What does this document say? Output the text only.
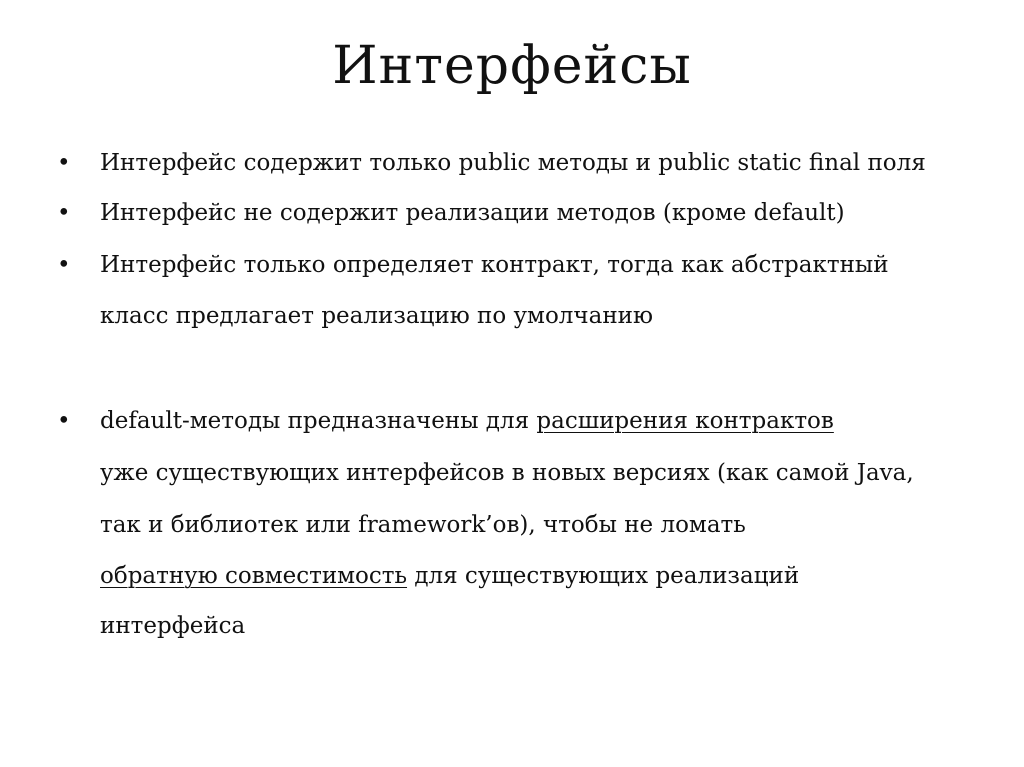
Интерфейсы
• Интерфейс содержит только public методы и public static final поля
• Интерфейс не содержит реализации методов (кроме default)
• Интерфейс только определяет контракт, тогда как абстрактный
класс предлагает реализацию по умолчанию
• default-методы предназначены для расширения контрактов
уже существующих интерфейсов в новых версиях (как самой Java,
так и библиотек или framework’ов), чтобы не ломать
обратную совместимость для существующих реализаций
интерфейса
